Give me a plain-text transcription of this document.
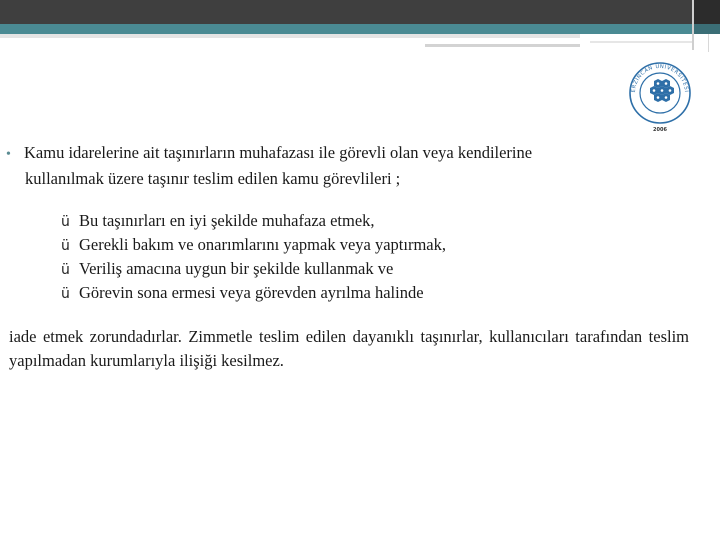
ERZİNCAN ÜNİVERSİTESİ
2006
• Kamu idarelerine ait taşınırların muhafazası ile görevli olan veya kendilerine
kullanılmak üzere taşınır teslim edilen kamu görevlileri ;
ü Bu taşınırları en iyi şekilde muhafaza etmek,
ü Gerekli bakım ve onarımlarını yapmak veya yaptırmak,
ü Veriliş amacına uygun bir şekilde kullanmak ve
ü Görevin sona ermesi veya görevden ayrılma halinde
iade etmek zorundadırlar. Zimmetle teslim edilen dayanıklı taşınırlar, kullanıcıları tarafından teslim yapılmadan kurumlarıyla ilişiği kesilmez.
